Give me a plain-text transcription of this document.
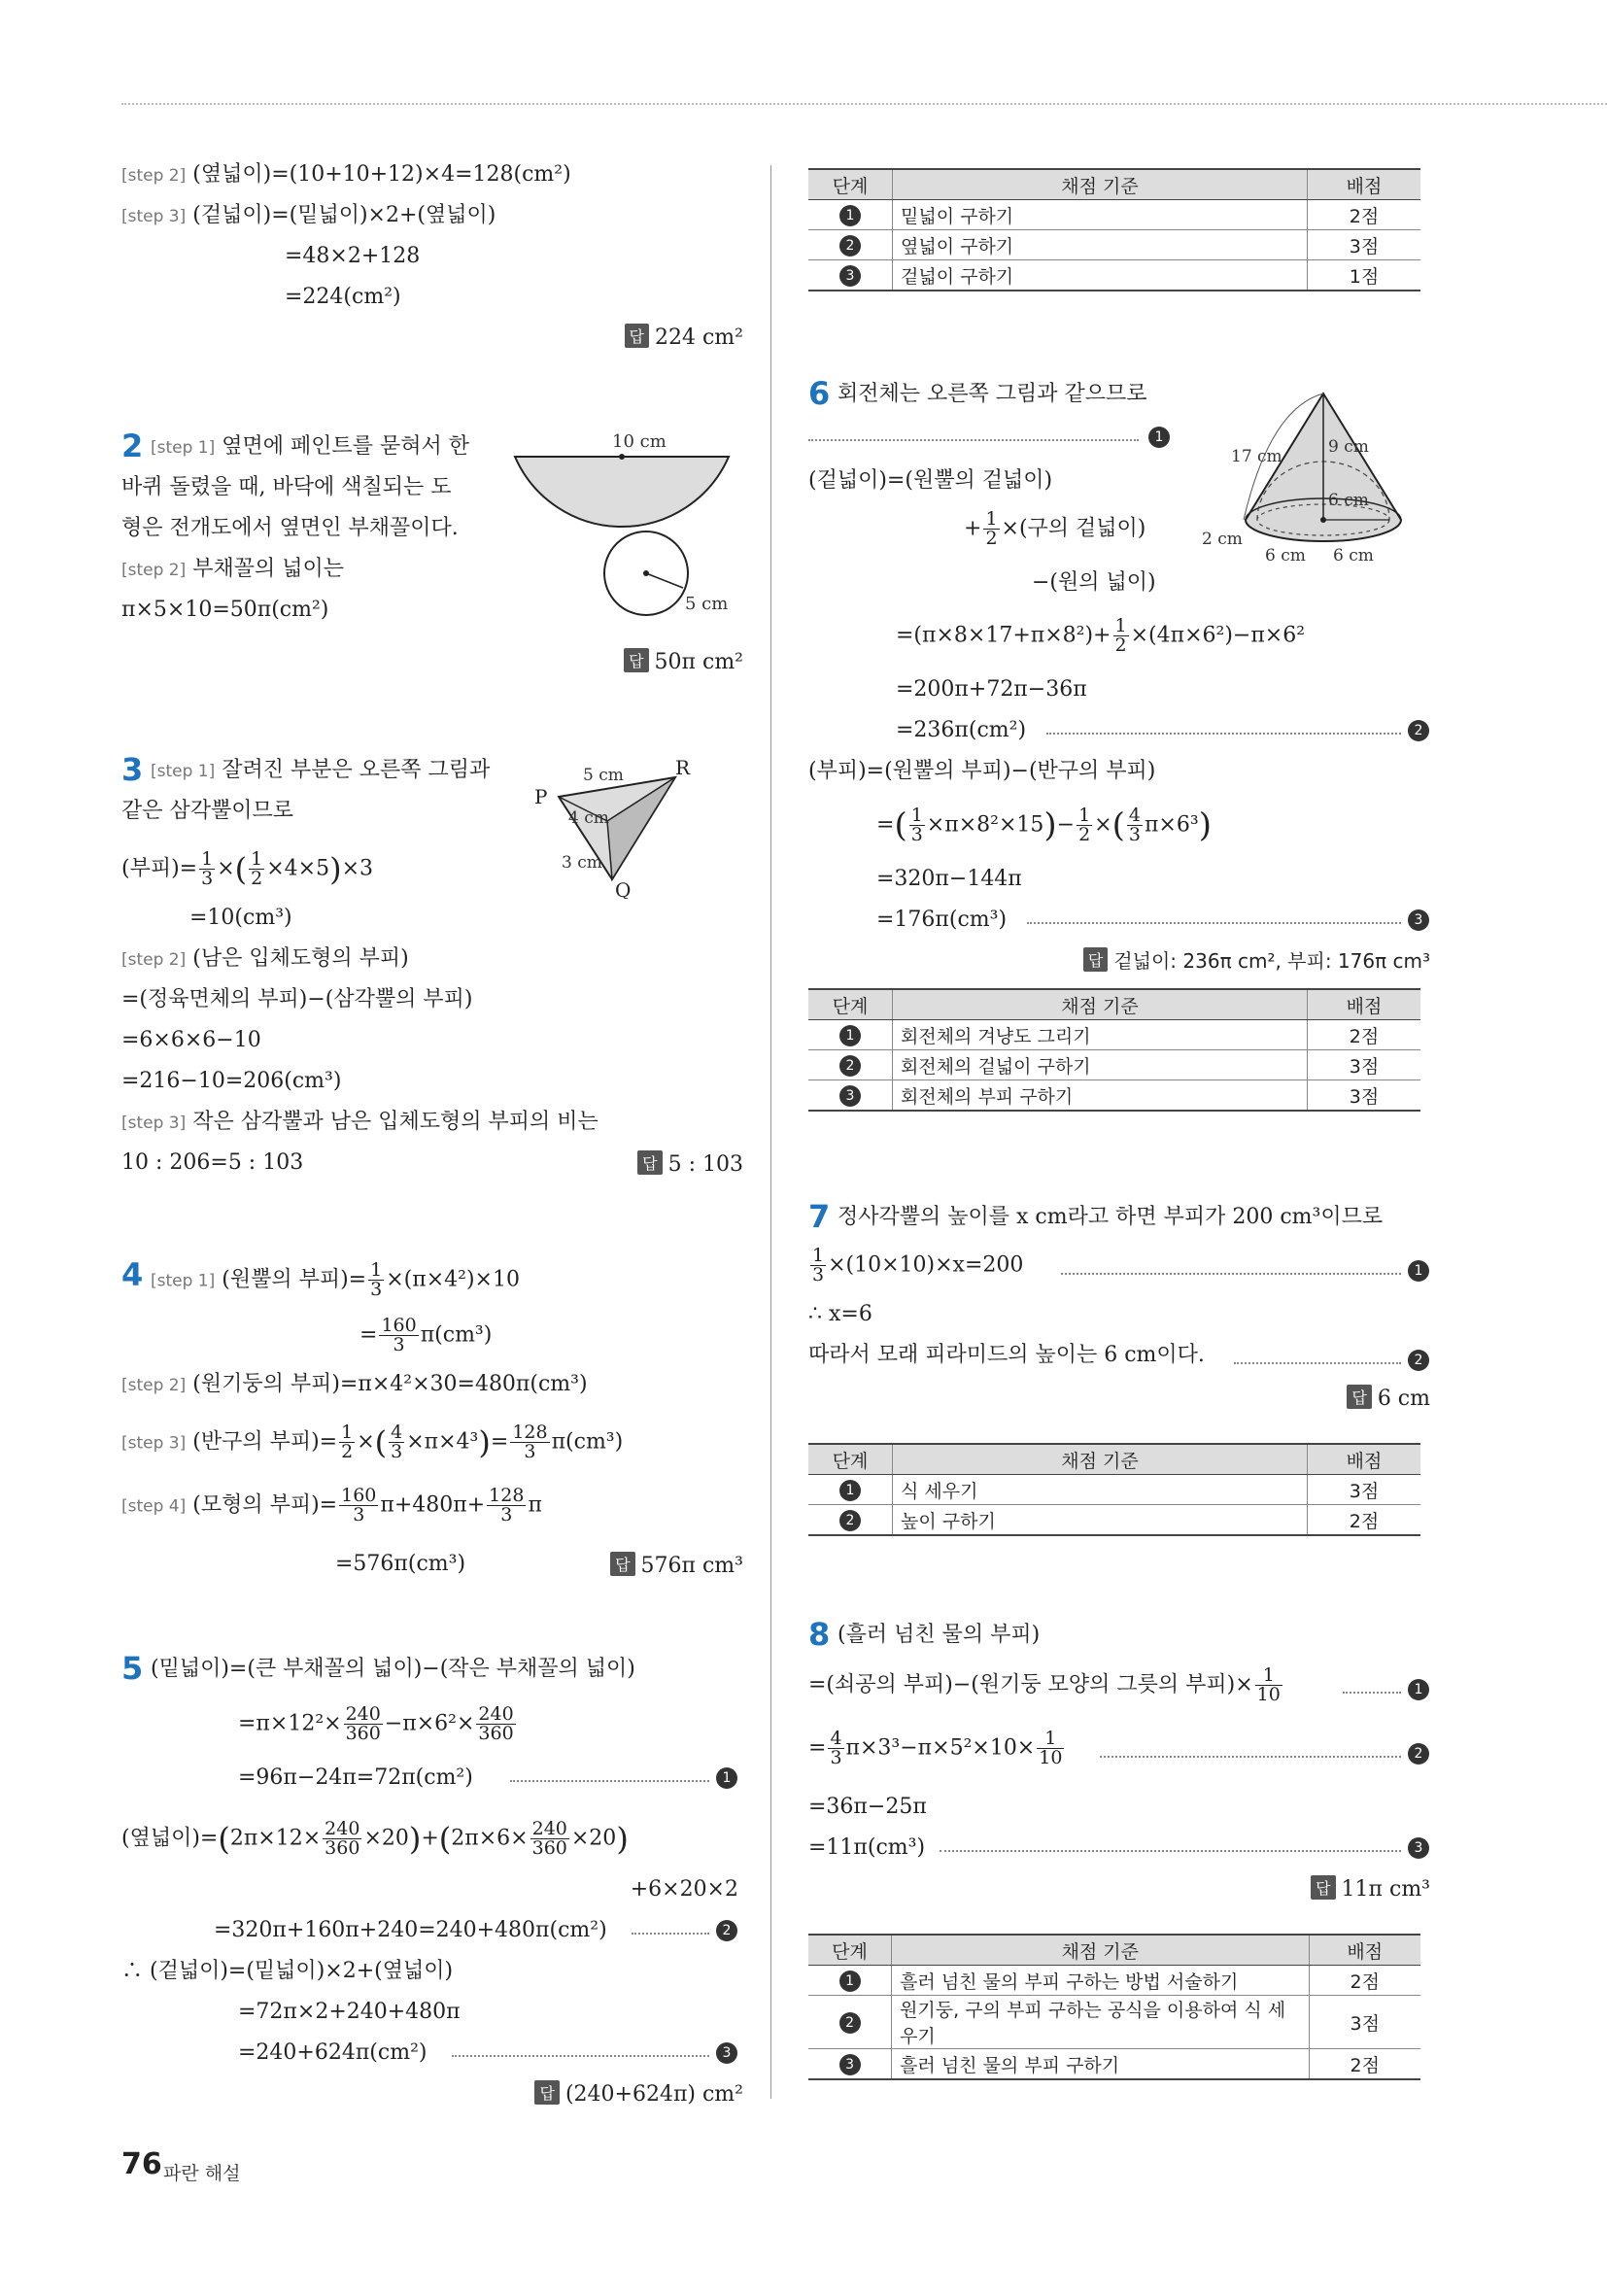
[step 2] (옆넓이)=(10+10+12)×4=128(cm²)
[step 3] (겉넓이)=(밑넓이)×2+(옆넓이)
=48×2+128
=224(cm²)
답 224 cm²
2 [step 1] 옆면에 페인트를 묻혀서 한
바퀴 돌렸을 때, 바닥에 색칠되는 도
형은 전개도에서 옆면인 부채꼴이다.
[step 2] 부채꼴의 넓이는
π×5×10=50π(cm²)
10 cm
5 cm
답 50π cm²
3 [step 1] 잘려진 부분은 오른쪽 그림과
같은 삼각뿔이므로
(부피)= $\frac{1}{3}$ ×( $\frac{1}{2} \times 4\times 5)\times 3$
=10(cm³)
[step 2] (남은 입체도형의 부피)
=(정육면체의 부피)−(삼각뿔의 부피)
=6×6×6−10
=216−10=206(cm³)
[step 3] 작은 삼각뿔과 남은 입체도형의 부피의 비는
10 : 206=5 : 103	답 5 : 103
P
R
Q
5 cm
4 cm
3 cm
4 [step 1] (원뿔의 부피)= $\frac{1}{3} \times(\pi\times 4^2)\times 10$
= $\frac{160}{3} \pi(cm^3)$
[step 2] (원기둥의 부피)=π×4²×30=480π(cm³)
[step 3] (반구의 부피)= $\frac{1}{2}$ ×( $\frac{4}{3} \times\pi\times 4^3)= \frac{128}{3} \pi(cm^3)$
[step 4] (모형의 부피)= $\frac{160}{3} \pi+480\pi+ \frac{128}{3}$ π
=576π(cm³)	답 576π cm³
5 (밑넓이)=(큰 부채꼴의 넓이)−(작은 부채꼴의 넓이)
$=\pi\times 12^2\times \frac{240}{360} -\pi\times 6^2\times \frac{240}{360}$
=96π−24π=72π(cm²)	1
(옆넓이)$=(2\pi\times 12\times \frac{240}{360} \times 20)+(2\pi\times 6\times \frac{240}{360} \times 20)$
+6×20×2
=320π+160π+240=240+480π(cm²)	2
∴ (겉넓이)=(밑넓이)×2+(옆넓이)
=72π×2+240+480π
=240+624π(cm²)	3
답 (240+624π) cm²
단계	채점 기준	배점
1	밑넓이 구하기	2점
2	옆넓이 구하기	3점
3	겉넓이 구하기	1점
6 회전체는 오른쪽 그림과 같으므로
1
(겉넓이)=(원뿔의 겉넓이)
+ $\frac{1}{2}$ ×(구의 겉넓이)
−(원의 넓이)
$=(\pi\times 8\times 17+\pi\times 8^2)+ \frac{1}{2} \times(4\pi\times 6^2)-\pi\times 6^2$
=200π+72π−36π
=236π(cm²)	2
(부피)=(원뿔의 부피)−(반구의 부피)
=( $\frac{1}{3} \times\pi\times 8^2\times 15)- \frac{1}{2}$ ×( $\frac{4}{3} \pi\times 6^3$)
=320π−144π
=176π(cm³)	3
답 겉넓이: 236π cm², 부피: 176π cm³
17 cm	9 cm
6 cm
2 cm
6 cm 6 cm
단계	채점 기준	배점
1	회전체의 겨냥도 그리기	2점
2	회전체의 겉넓이 구하기	3점
3	회전체의 부피 구하기	3점
7 정사각뿔의 높이를 x cm라고 하면 부피가 200 cm³이므로
$\frac{1}{3} \times(10\times 10)\times x=200$	1
∴ x=6
따라서 모래 피라미드의 높이는 6 cm이다.	2
답 6 cm
단계	채점 기준	배점
1	식 세우기	3점
2	높이 구하기	2점
8 (흘러 넘친 물의 부피)
=(쇠공의 부피)−(원기둥 모양의 그릇의 부피)× $\frac{1}{10}$	1
= $\frac{4}{3} \pi\times 3^3-\pi\times 5^2\times 10\times \frac{1}{10}$	2
=36π−25π
=11π(cm³)	3
답 11π cm³
단계	채점 기준	배점
1	흘러 넘친 물의 부피 구하는 방법 서술하기	2점
2	원기둥, 구의 부피 구하는 공식을 이용하여 식 세우기	3점
3	흘러 넘친 물의 부피 구하기	2점
76 파란 해설
